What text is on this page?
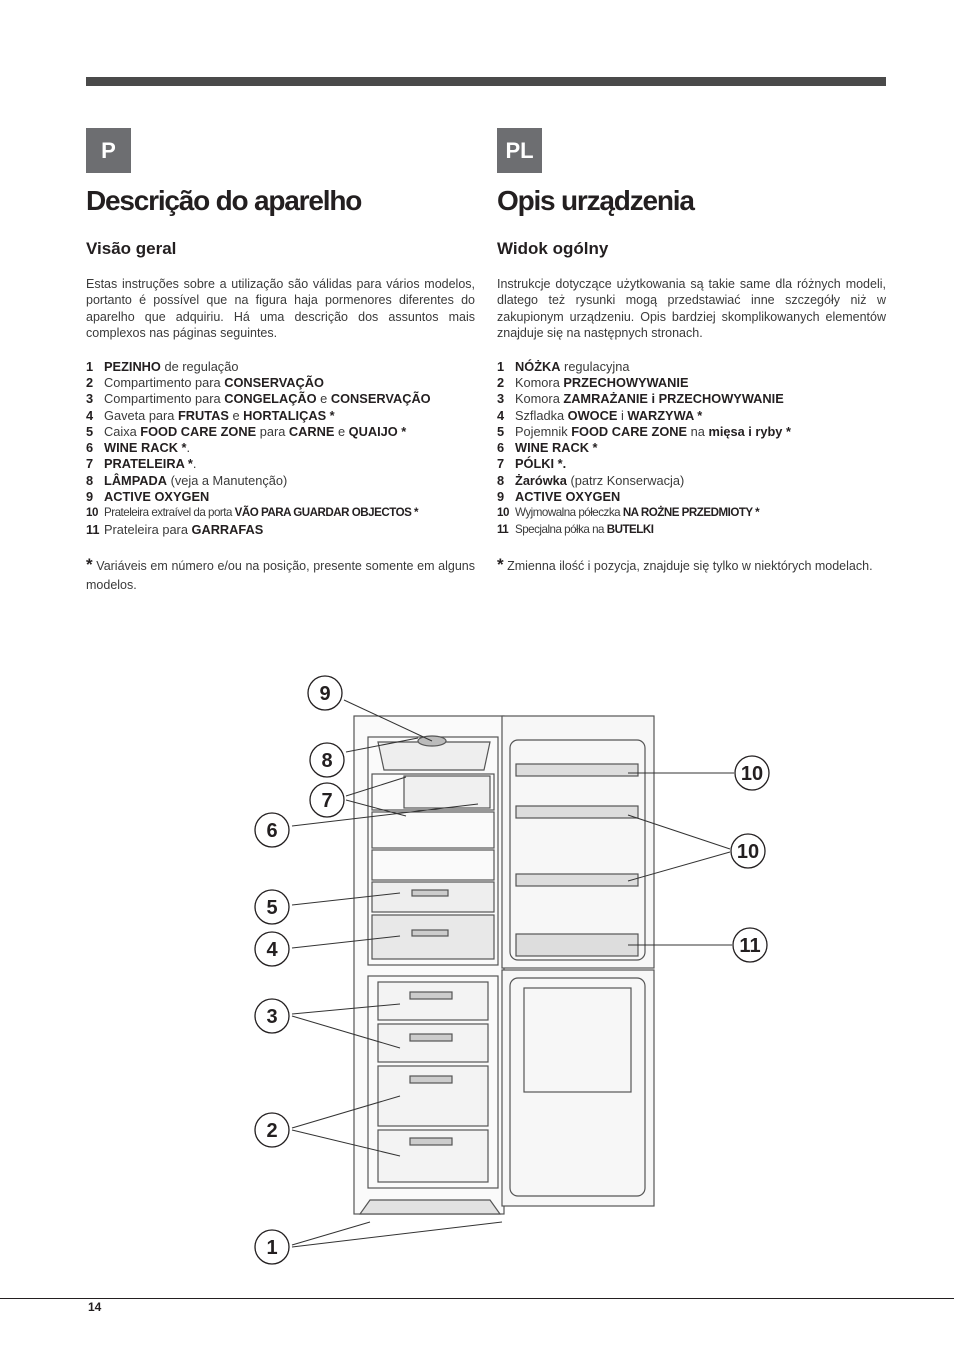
P
Descrição do aparelho
Visão geral

Estas instruções sobre a utilização são válidas para vários modelos, portanto é possível que na figura haja pormenores diferentes do aparelho que adquiriu. Há uma descrição dos assuntos mais complexos nas páginas seguintes.

1 PEZINHO de regulação
2 Compartimento para CONSERVAÇÃO
3 Compartimento para CONGELAÇÃO e CONSERVAÇÃO
4 Gaveta para FRUTAS e HORTALIÇAS *
5 Caixa FOOD CARE ZONE para CARNE e QUAIJO *
6 WINE RACK *.
7 PRATELEIRA *.
8 LÂMPADA (veja a Manutenção)
9 ACTIVE OXYGEN
10 Prateleira extraível da porta VÃO PARA GUARDAR OBJECTOS *
11 Prateleira para GARRAFAS

* Variáveis em número e/ou na posição, presente somente em alguns modelos.

PL
Opis urządzenia
Widok ogólny

Instrukcje dotyczące użytkowania są takie same dla różnych modeli, dlatego też rysunki mogą przedstawiać inne szczegóły niż w zakupionym urządzeniu. Opis bardziej skomplikowanych elementów znajduje się na następnych stronach.

1 NÓŻKA regulacyjna
2 Komora PRZECHOWYWANIE
3 Komora ZAMRAŻANIE i PRZECHOWYWANIE
4 Szfladka OWOCE i WARZYWA *
5 Pojemnik FOOD CARE ZONE na mięsa i ryby *
6 WINE RACK *
7 PÓLKI *.
8 Żarówka (patrz Konserwacja)
9 ACTIVE OXYGEN
10 Wyjmowalna półeczka NA ROŻNE PRZEDMIOTY *
11 Specjalna półka na BUTELKI

* Zmienna ilość i pozycja, znajduje się tylko w niektórych modelach.

1
2
3
4
5
6
7
8
9
10
10
11
14
